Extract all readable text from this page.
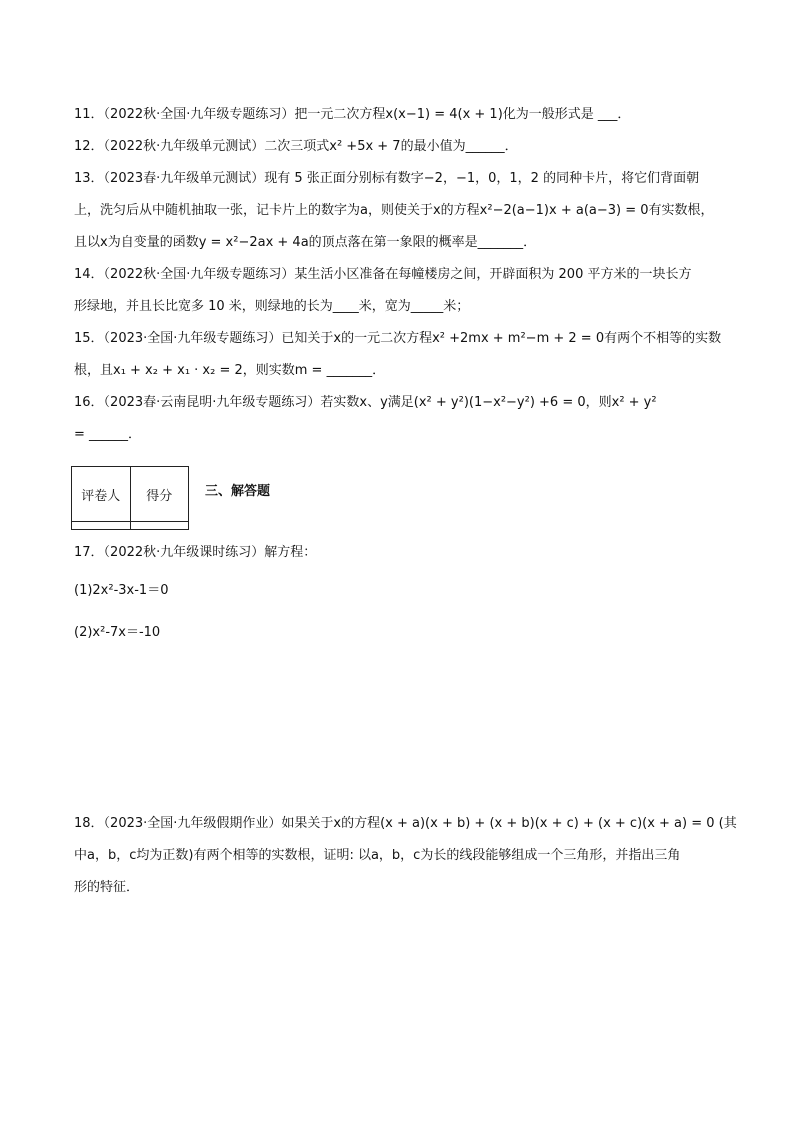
11．（2022秋·全国·九年级专题练习）把一元二次方程x(x−1) = 4(x + 1)化为一般形式是 ___．
12．（2022秋·九年级单元测试）二次三项式x² +5x + 7的最小值为______．
13．（2023春·九年级单元测试）现有 5 张正面分别标有数字−2，−1，0，1，2 的同种卡片，将它们背面朝
上，洗匀后从中随机抽取一张，记卡片上的数字为a，则使关于x的方程x²−2(a−1)x + a(a−3) = 0有实数根，
且以x为自变量的函数y = x²−2ax + 4a的顶点落在第一象限的概率是_______．
14．（2022秋·全国·九年级专题练习）某生活小区准备在每幢楼房之间，开辟面积为 200 平方米的一块长方
形绿地，并且长比宽多 10 米，则绿地的长为____米，宽为_____米；
15．（2023·全国·九年级专题练习）已知关于x的一元二次方程x² +2mx + m²−m + 2 = 0有两个不相等的实数
根，且x₁ + x₂ + x₁ · x₂ = 2，则实数m = _______．
16．（2023春·云南昆明·九年级专题练习）若实数x、y满足(x² + y²)(1−x²−y²) +6 = 0，则x² + y²
= ______．
评卷人	得分
		三、解答题
17．（2022秋·九年级课时练习）解方程：
(1)2x²-3x-1＝0
(2)x²-7x＝-10
18．（2023·全国·九年级假期作业）如果关于x的方程(x + a)(x + b) + (x + b)(x + c) + (x + c)(x + a) = 0 (其
中a，b，c均为正数)有两个相等的实数根，证明: 以a，b，c为长的线段能够组成一个三角形，并指出三角
形的特征．
